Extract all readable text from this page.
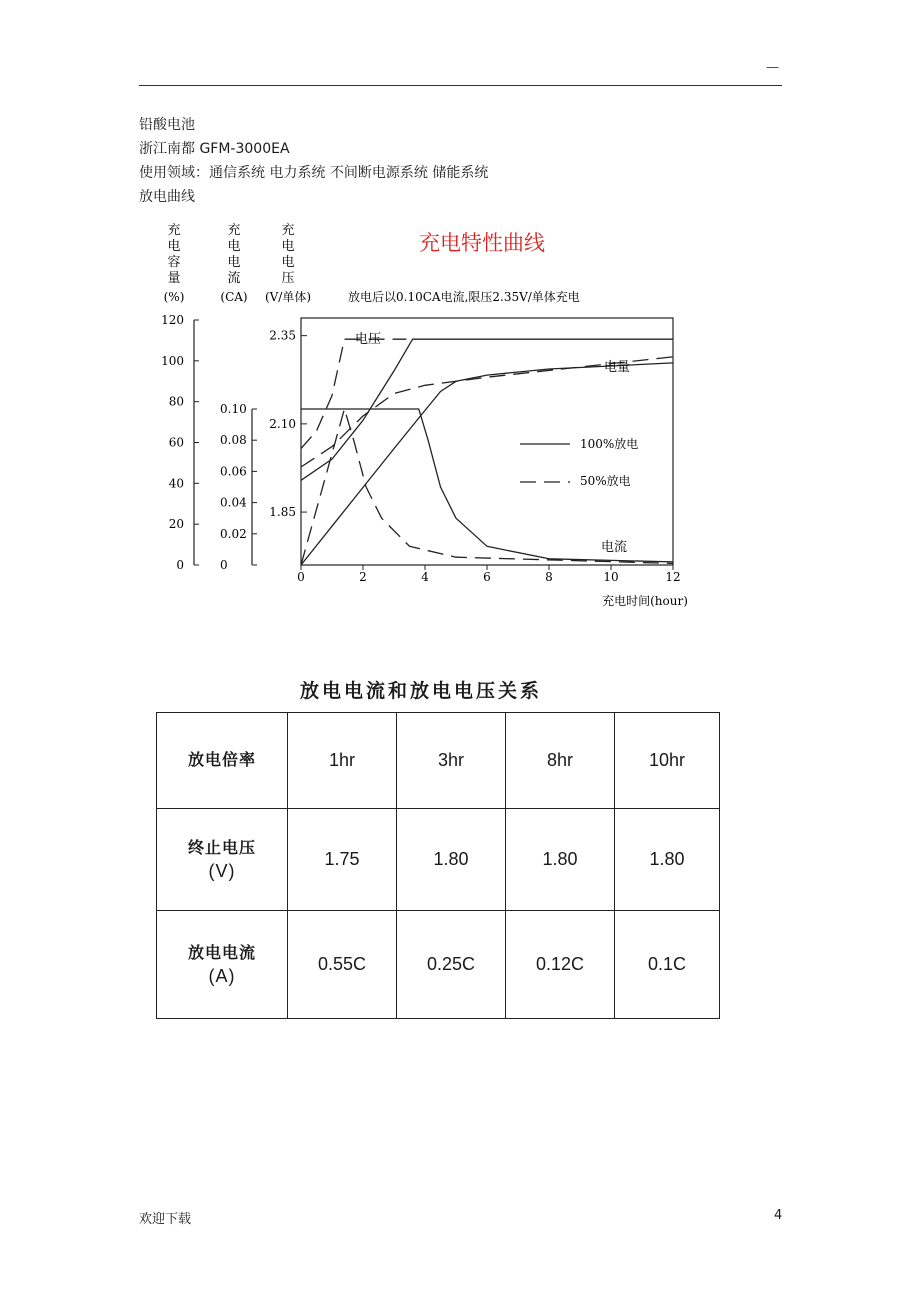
—
铅酸电池
浙江南都 GFM-3000EA
使用领域：通信系统 电力系统 不间断电源系统 储能系统
放电曲线
充
电
容
量
(%)
充
电
电
流
(CA)
充
电
电
压
(V/单体)
充电特性曲线
放电后以0.10CA电流,限压2.35V/单体充电
0
20
40
60
80
100
120
0
0.02
0.04
0.06
0.08
0.10
1.85
2.10
2.35
0	2	4	6	8	10	12
充电时间(hour)
电压
电量
电流
100%放电
50%放电
放电电流和放电电压关系
放电倍率	1hr	3hr	8hr	10hr

终止电压
(V)	1.75	1.80	1.80	1.80

放电电流
(A)	0.55C	0.25C	0.12C	0.1C
欢迎下载	4
